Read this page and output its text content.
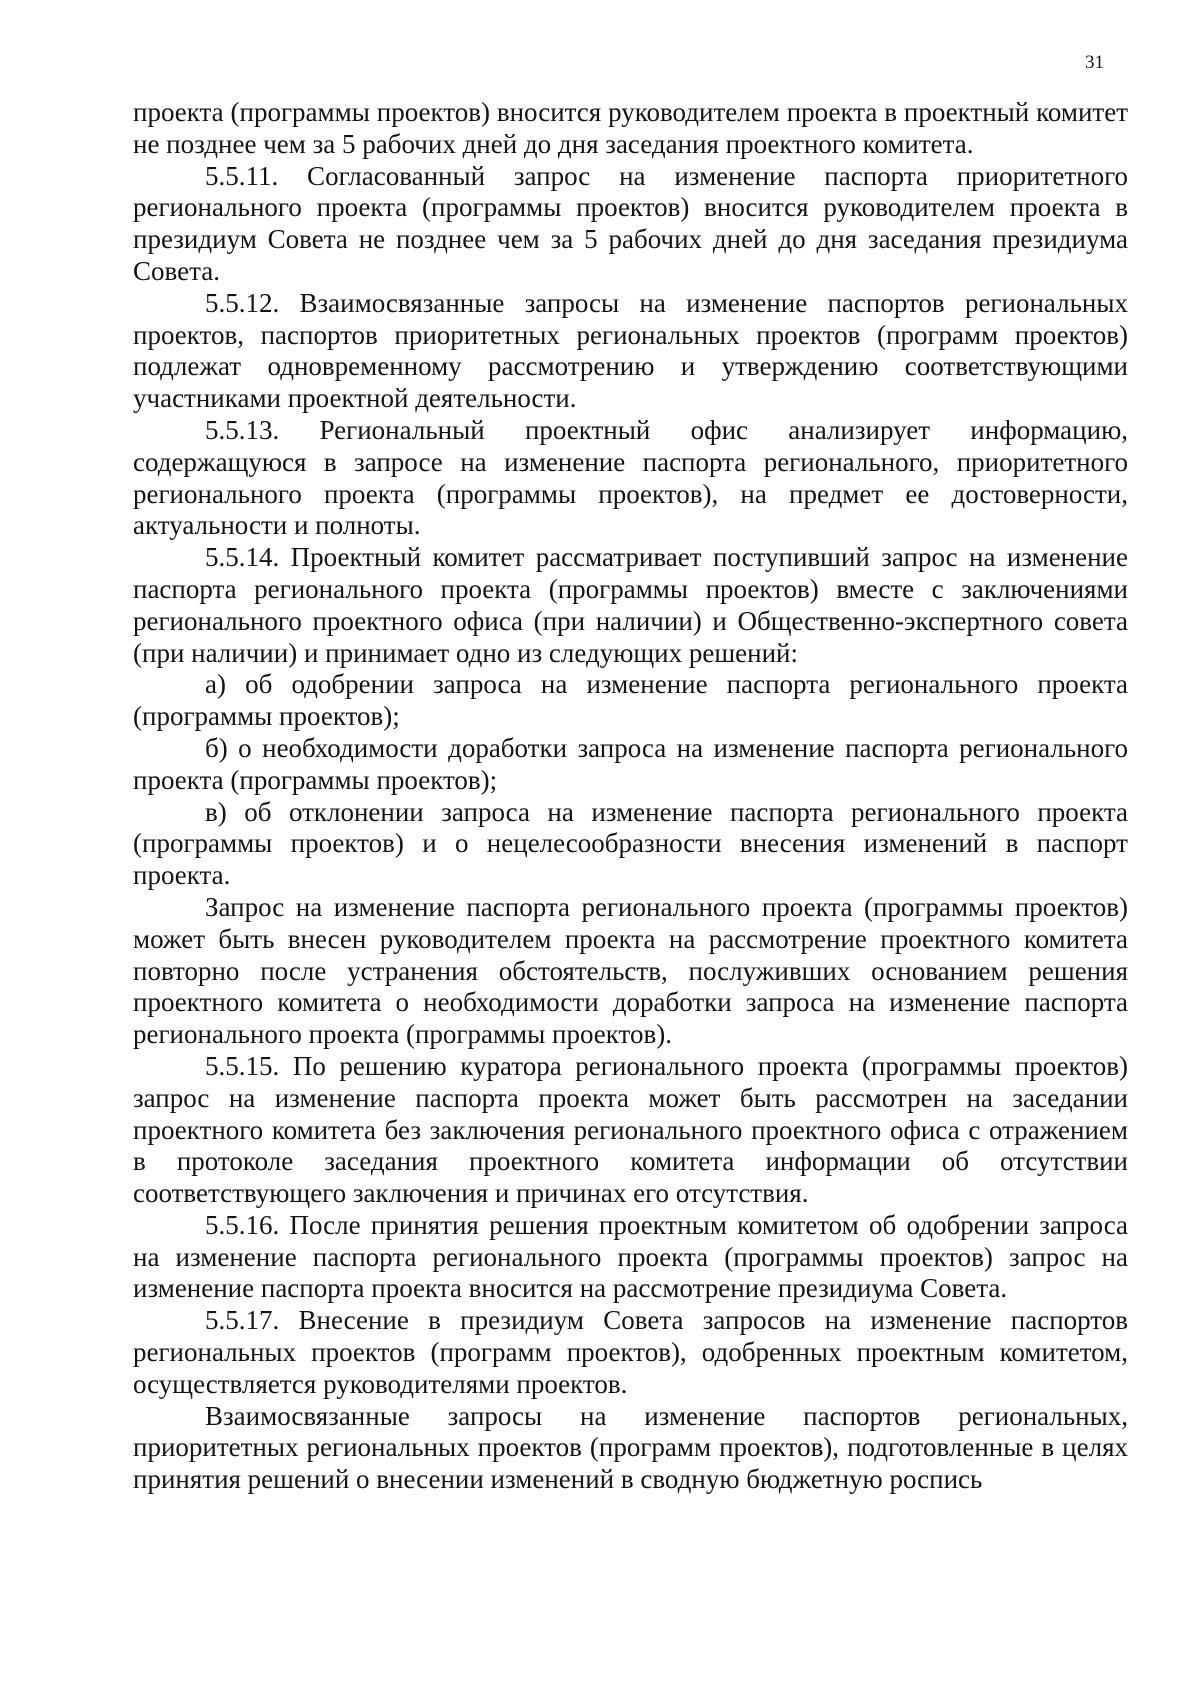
31

проекта (программы проектов) вносится руководителем проекта в проектный комитет не позднее чем за 5 рабочих дней до дня заседания проектного комитета.

5.5.11. Согласованный запрос на изменение паспорта приоритетного регионального проекта (программы проектов) вносится руководителем проекта в президиум Совета не позднее чем за 5 рабочих дней до дня заседания президиума Совета.

5.5.12. Взаимосвязанные запросы на изменение паспортов региональных проектов, паспортов приоритетных региональных проектов (программ проектов) подлежат одновременному рассмотрению и утверждению соответствующими участниками проектной деятельности.

5.5.13. Региональный проектный офис анализирует информацию, содержащуюся в запросе на изменение паспорта регионального, приоритетного регионального проекта (программы проектов), на предмет ее достоверности, актуальности и полноты.

5.5.14. Проектный комитет рассматривает поступивший запрос на изменение паспорта регионального проекта (программы проектов) вместе с заключениями регионального проектного офиса (при наличии) и Общественно-экспертного совета (при наличии) и принимает одно из следующих решений:

а) об одобрении запроса на изменение паспорта регионального проекта (программы проектов);

б) о необходимости доработки запроса на изменение паспорта регионального проекта (программы проектов);

в) об отклонении запроса на изменение паспорта регионального проекта (программы проектов) и о нецелесообразности внесения изменений в паспорт проекта.

Запрос на изменение паспорта регионального проекта (программы проектов) может быть внесен руководителем проекта на рассмотрение проектного комитета повторно после устранения обстоятельств, послуживших основанием решения проектного комитета о необходимости доработки запроса на изменение паспорта регионального проекта (программы проектов).

5.5.15. По решению куратора регионального проекта (программы проектов) запрос на изменение паспорта проекта может быть рассмотрен на заседании проектного комитета без заключения регионального проектного офиса с отражением в протоколе заседания проектного комитета информации об отсутствии соответствующего заключения и причинах его отсутствия.

5.5.16. После принятия решения проектным комитетом об одобрении запроса на изменение паспорта регионального проекта (программы проектов) запрос на изменение паспорта проекта вносится на рассмотрение президиума Совета.

5.5.17. Внесение в президиум Совета запросов на изменение паспортов региональных проектов (программ проектов), одобренных проектным комитетом, осуществляется руководителями проектов.

Взаимосвязанные запросы на изменение паспортов региональных, приоритетных региональных проектов (программ проектов), подготовленные в целях принятия решений о внесении изменений в сводную бюджетную роспись
